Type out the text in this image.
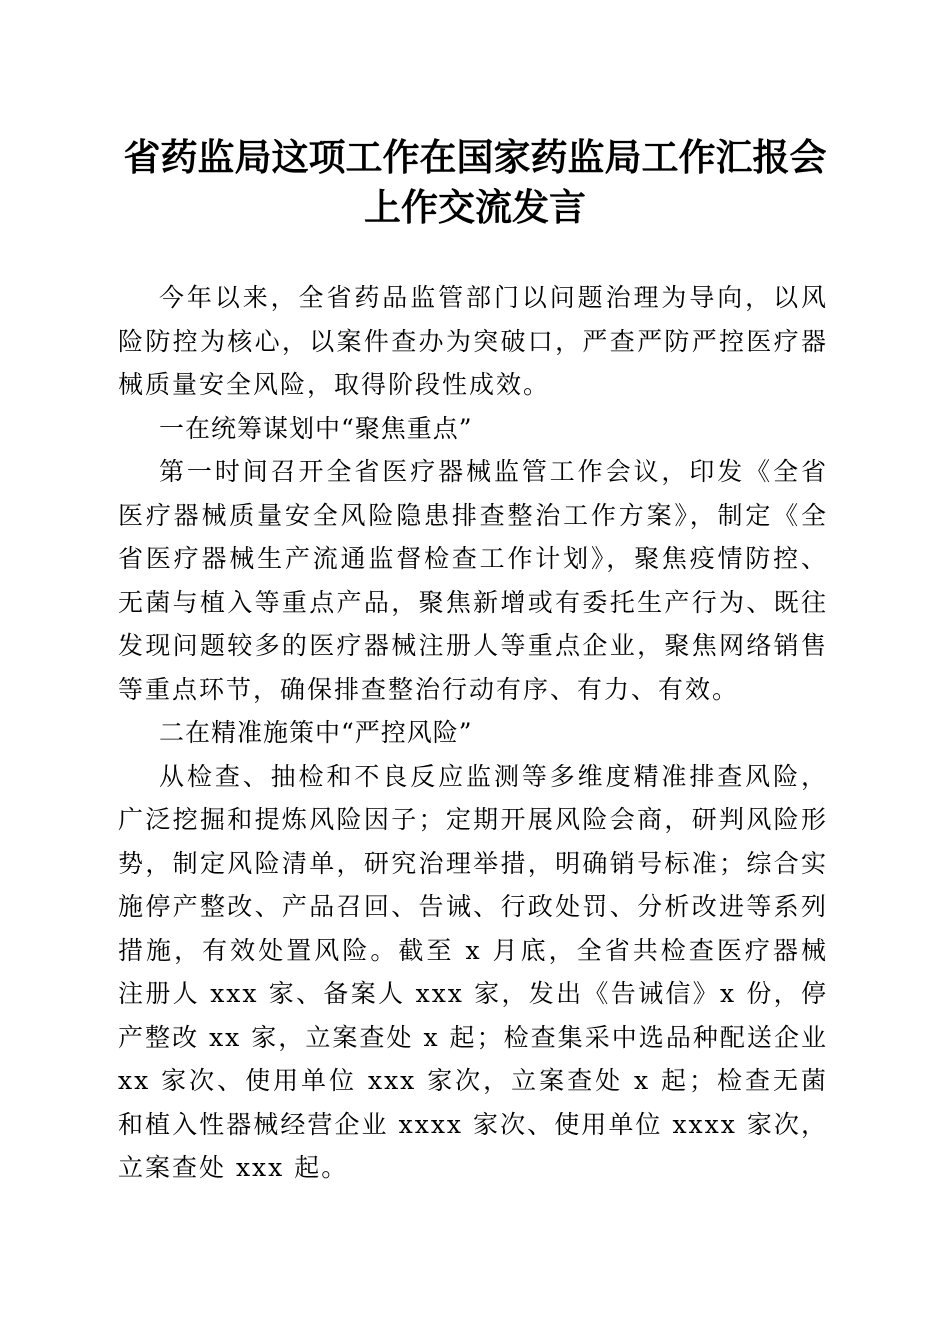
省药监局这项工作在国家药监局工作汇报会上作交流发言

今年以来，全省药品监管部门以问题治理为导向，以风险防控为核心，以案件查办为突破口，严查严防严控医疗器械质量安全风险，取得阶段性成效。

一在统筹谋划中“聚焦重点”

第一时间召开全省医疗器械监管工作会议，印发《全省医疗器械质量安全风险隐患排查整治工作方案》，制定《全省医疗器械生产流通监督检查工作计划》，聚焦疫情防控、无菌与植入等重点产品，聚焦新增或有委托生产行为、既往发现问题较多的医疗器械注册人等重点企业，聚焦网络销售等重点环节，确保排查整治行动有序、有力、有效。

二在精准施策中“严控风险”

从检查、抽检和不良反应监测等多维度精准排查风险，广泛挖掘和提炼风险因子；定期开展风险会商，研判风险形势，制定风险清单，研究治理举措，明确销号标准；综合实施停产整改、产品召回、告诫、行政处罚、分析改进等系列措施，有效处置风险。截至 x 月底，全省共检查医疗器械注册人 xxx 家、备案人 xxx 家，发出《告诫信》x 份，停产整改 xx 家，立案查处 x 起；检查集采中选品种配送企业 xx 家次、使用单位 xxx 家次，立案查处 x 起；检查无菌和植入性器械经营企业 xxxx 家次、使用单位 xxxx 家次，立案查处 xxx 起。
